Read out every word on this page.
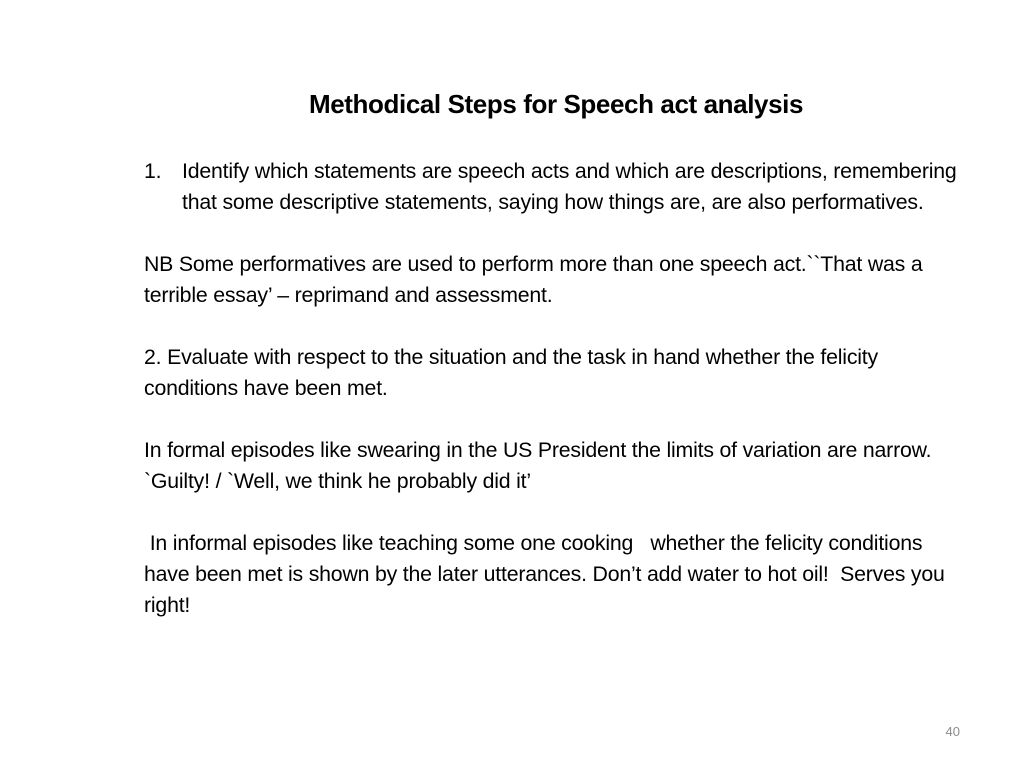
Methodical Steps for Speech act analysis
1. Identify which statements are speech acts and which are descriptions, remembering that some descriptive statements, saying how things are, are also performatives.

NB Some performatives are used to perform more than one speech act.``That was a terrible essay’ – reprimand and assessment.

2. Evaluate with respect to the situation and the task in hand whether the felicity conditions have been met.

In formal episodes like swearing in the US President the limits of variation are narrow. `Guilty! / `Well, we think he probably did it’

In informal episodes like teaching some one cooking   whether the felicity conditions have been met is shown by the later utterances. Don’t add water to hot oil!  Serves you right!

40
